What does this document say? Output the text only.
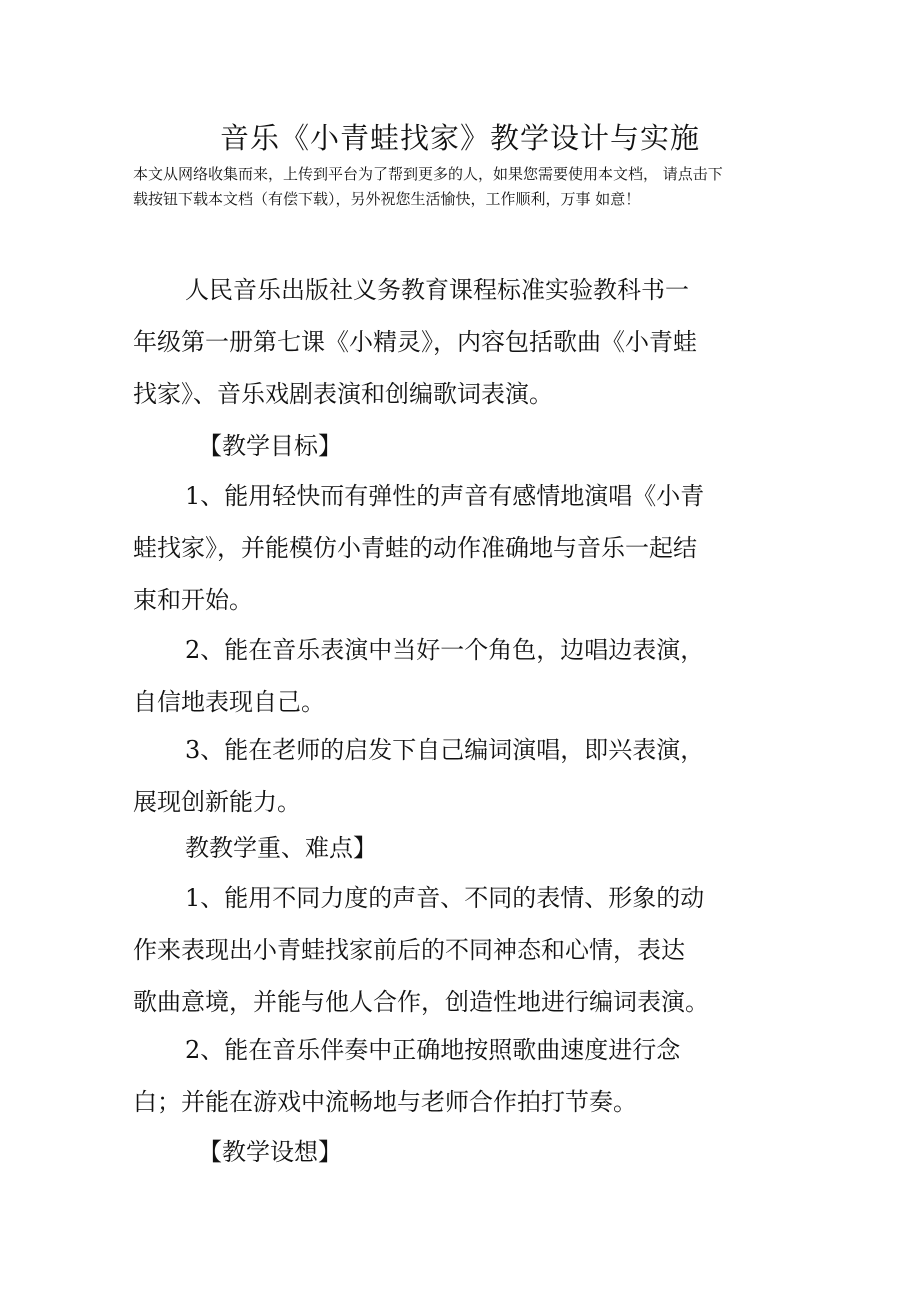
音乐《小青蛙找家》教学设计与实施

本文从网络收集而来，上传到平台为了帮到更多的人，如果您需要使用本文档， 请点击下
载按钮下载本文档（有偿下载），另外祝您生活愉快，工作顺利，万事 如意！

人民音乐出版社义务教育课程标准实验教科书一
年级第一册第七课《小精灵》，内容包括歌曲《小青蛙
找家》、音乐戏剧表演和创编歌词表演。

【教学目标】

1、能用轻快而有弹性的声音有感情地演唱《小青
蛙找家》，并能模仿小青蛙的动作准确地与音乐一起结
束和开始。

2、能在音乐表演中当好一个角色，边唱边表演，
自信地表现自己。

3、能在老师的启发下自己编词演唱，即兴表演，
展现创新能力。

教教学重、难点】

1、能用不同力度的声音、不同的表情、形象的动
作来表现出小青蛙找家前后的不同神态和心情，表达
歌曲意境，并能与他人合作，创造性地进行编词表演。

2、能在音乐伴奏中正确地按照歌曲速度进行念
白；并能在游戏中流畅地与老师合作拍打节奏。

【教学设想】
